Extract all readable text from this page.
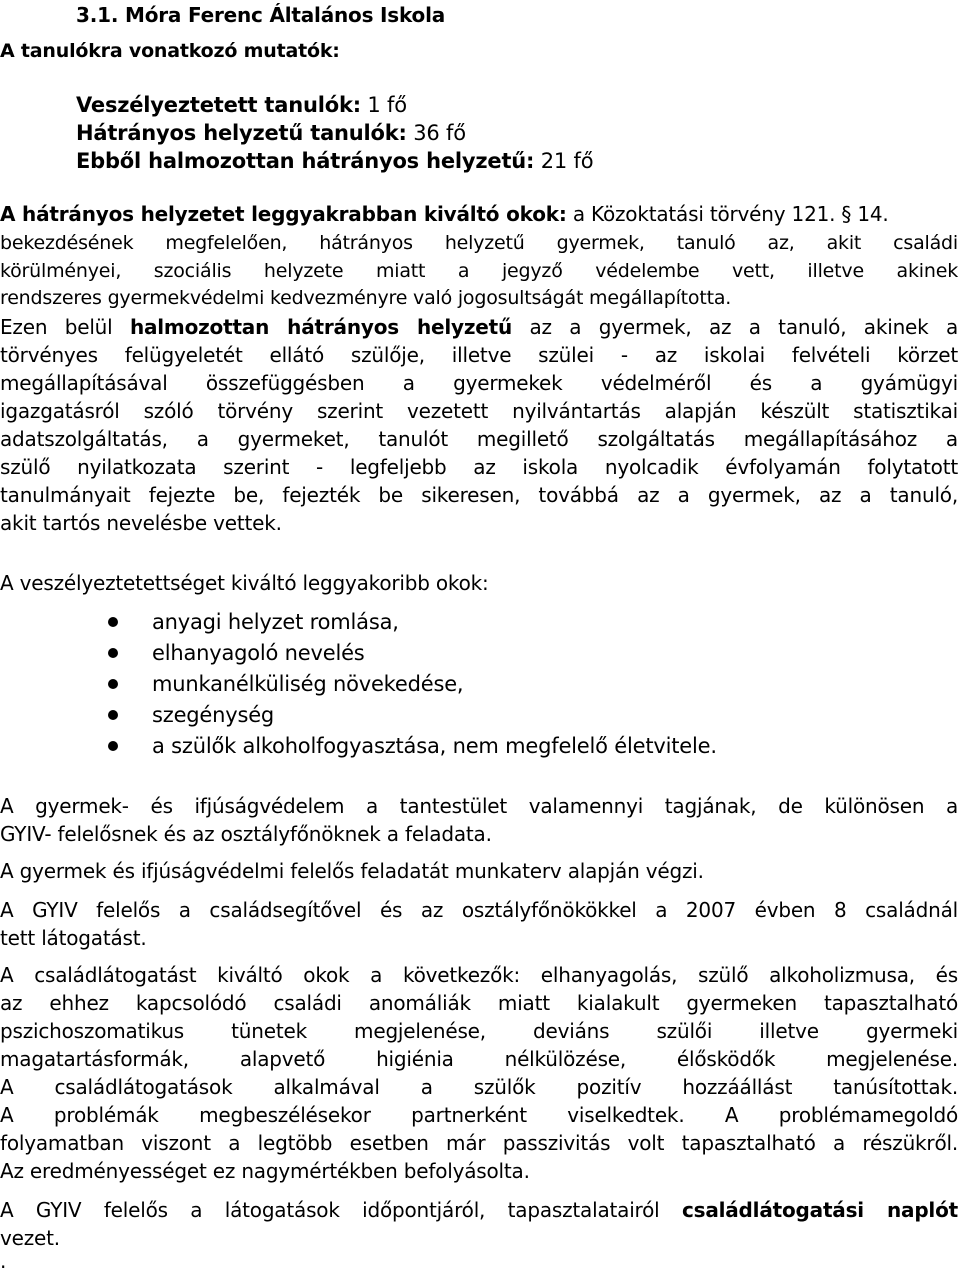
3.1. Móra Ferenc Általános Iskola
A tanulókra vonatkozó mutatók:
Veszélyeztetett tanulók: 1 fő
Hátrányos helyzetű tanulók: 36 fő
Ebből halmozottan hátrányos helyzetű: 21 fő
A hátrányos helyzetet leggyakrabban kiváltó okok: a Közoktatási törvény 121. § 14.
bekezdésének megfelelően, hátrányos helyzetű gyermek, tanuló az, akit családi
körülményei, szociális helyzete miatt a jegyző védelembe vett, illetve akinek
rendszeres gyermekvédelmi kedvezményre való jogosultságát megállapította.
Ezen belül halmozottan hátrányos helyzetű az a gyermek, az a tanuló, akinek a
törvényes felügyeletét ellátó szülője, illetve szülei - az iskolai felvételi körzet
megállapításával összefüggésben a gyermekek védelméről és a gyámügyi
igazgatásról szóló törvény szerint vezetett nyilvántartás alapján készült statisztikai
adatszolgáltatás, a gyermeket, tanulót megillető szolgáltatás megállapításához a
szülő nyilatkozata szerint - legfeljebb az iskola nyolcadik évfolyamán folytatott
tanulmányait fejezte be, fejezték be sikeresen, továbbá az a gyermek, az a tanuló,
akit tartós nevelésbe vettek.
A veszélyeztetettséget kiváltó leggyakoribb okok:
anyagi helyzet romlása,
elhanyagoló nevelés
munkanélküliség növekedése,
szegénység
a szülők alkoholfogyasztása, nem megfelelő életvitele.
A gyermek- és ifjúságvédelem a tantestület valamennyi tagjának, de különösen a
GYIV- felelősnek és az osztályfőnöknek a feladata.
A gyermek és ifjúságvédelmi felelős feladatát munkaterv alapján végzi.
A GYIV felelős a családsegítővel és az osztályfőnökökkel a 2007 évben 8 családnál
tett látogatást.
A családlátogatást kiváltó okok a következők: elhanyagolás, szülő alkoholizmusa, és
az ehhez kapcsolódó családi anomáliák miatt kialakult gyermeken tapasztalható
pszichoszomatikus tünetek megjelenése, deviáns szülői illetve gyermeki
magatartásformák, alapvető higiénia nélkülözése, élősködők megjelenése.
A családlátogatások alkalmával a szülők pozitív hozzáállást tanúsítottak.
A problémák megbeszélésekor partnerként viselkedtek. A problémamegoldó
folyamatban viszont a legtöbb esetben már passzivitás volt tapasztalható a részükről.
Az eredményességet ez nagymértékben befolyásolta.
A GYIV felelős a látogatások időpontjáról, tapasztalatairól családlátogatási naplót
vezet.
.
